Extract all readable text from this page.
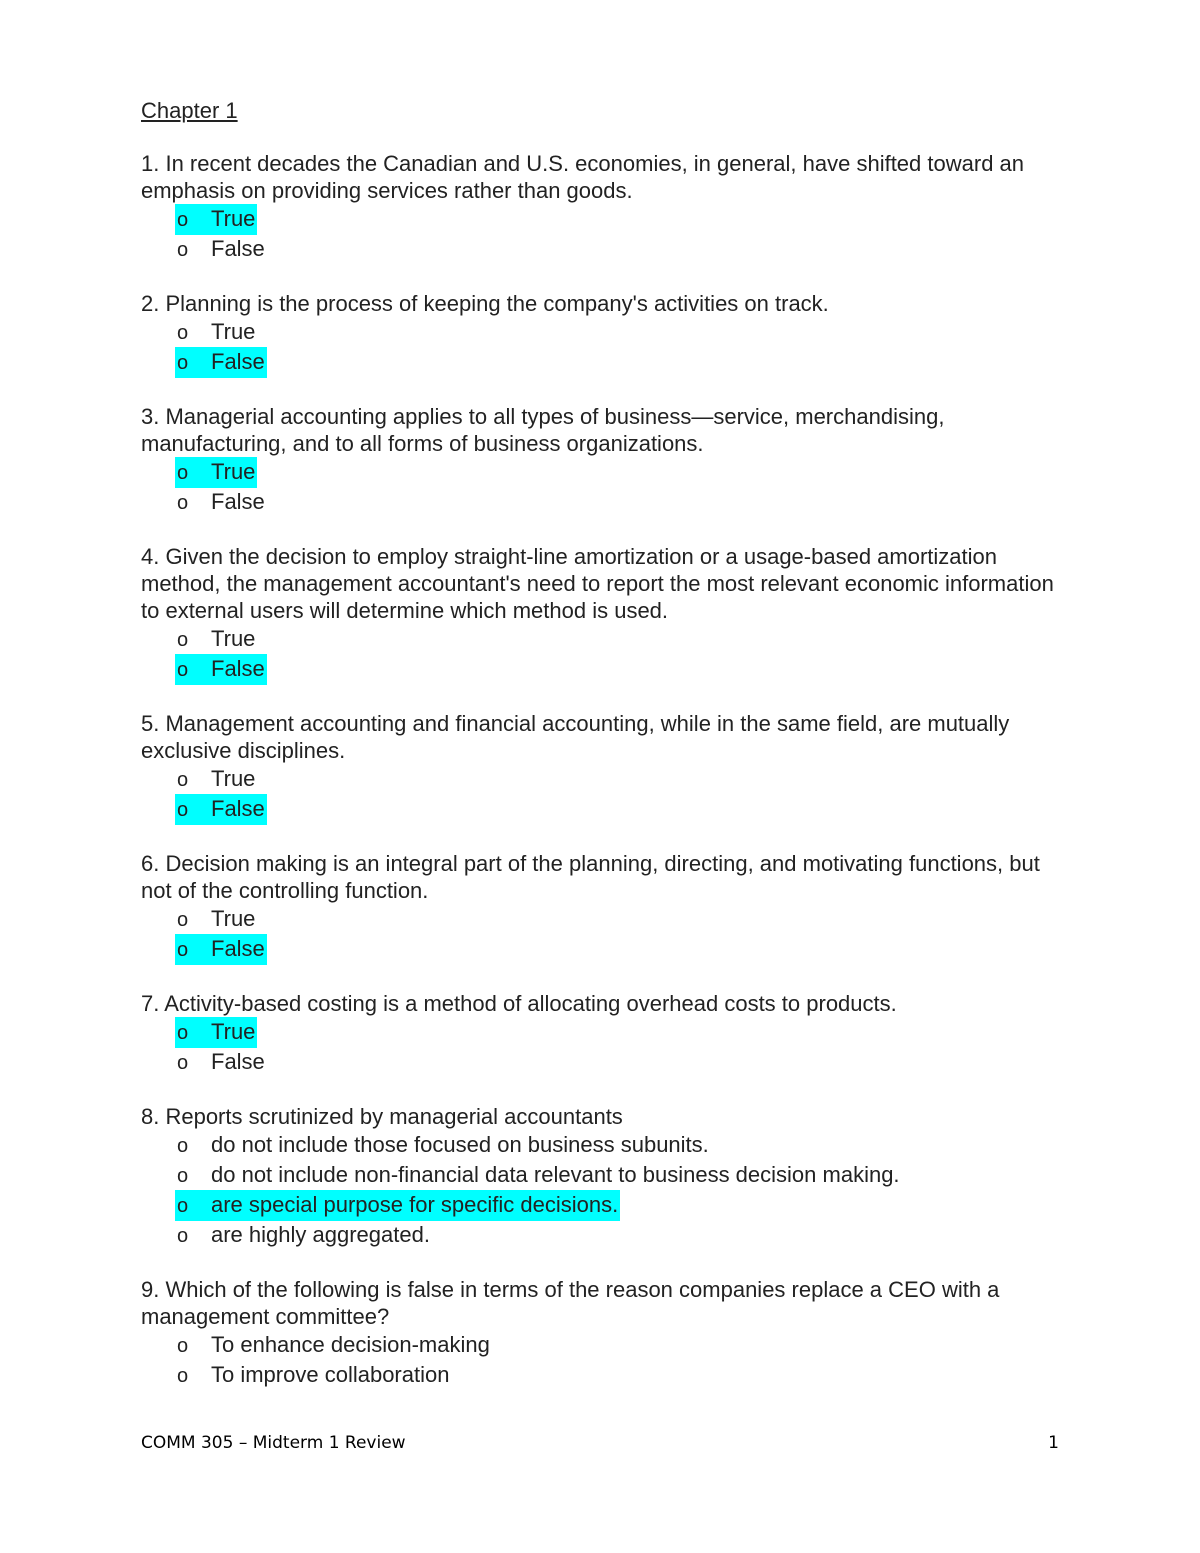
Chapter 1

1. In recent decades the Canadian and U.S. economies, in general, have shifted toward an emphasis on providing services rather than goods.

o True
o False

2. Planning is the process of keeping the company's activities on track.

o True
o False

3. Managerial accounting applies to all types of business—service, merchandising, manufacturing, and to all forms of business organizations.

o True
o False

4. Given the decision to employ straight-line amortization or a usage-based amortization method, the management accountant's need to report the most relevant economic information to external users will determine which method is used.

o True
o False

5. Management accounting and financial accounting, while in the same field, are mutually exclusive disciplines.

o True
o False

6. Decision making is an integral part of the planning, directing, and motivating functions, but not of the controlling function.

o True
o False

7. Activity-based costing is a method of allocating overhead costs to products.

o True
o False

8. Reports scrutinized by managerial accountants

o do not include those focused on business subunits.
o do not include non-financial data relevant to business decision making.
o are special purpose for specific decisions.
o are highly aggregated.

9. Which of the following is false in terms of the reason companies replace a CEO with a management committee?

o To enhance decision-making
o To improve collaboration
COMM 305 – Midterm 1 Review	1
